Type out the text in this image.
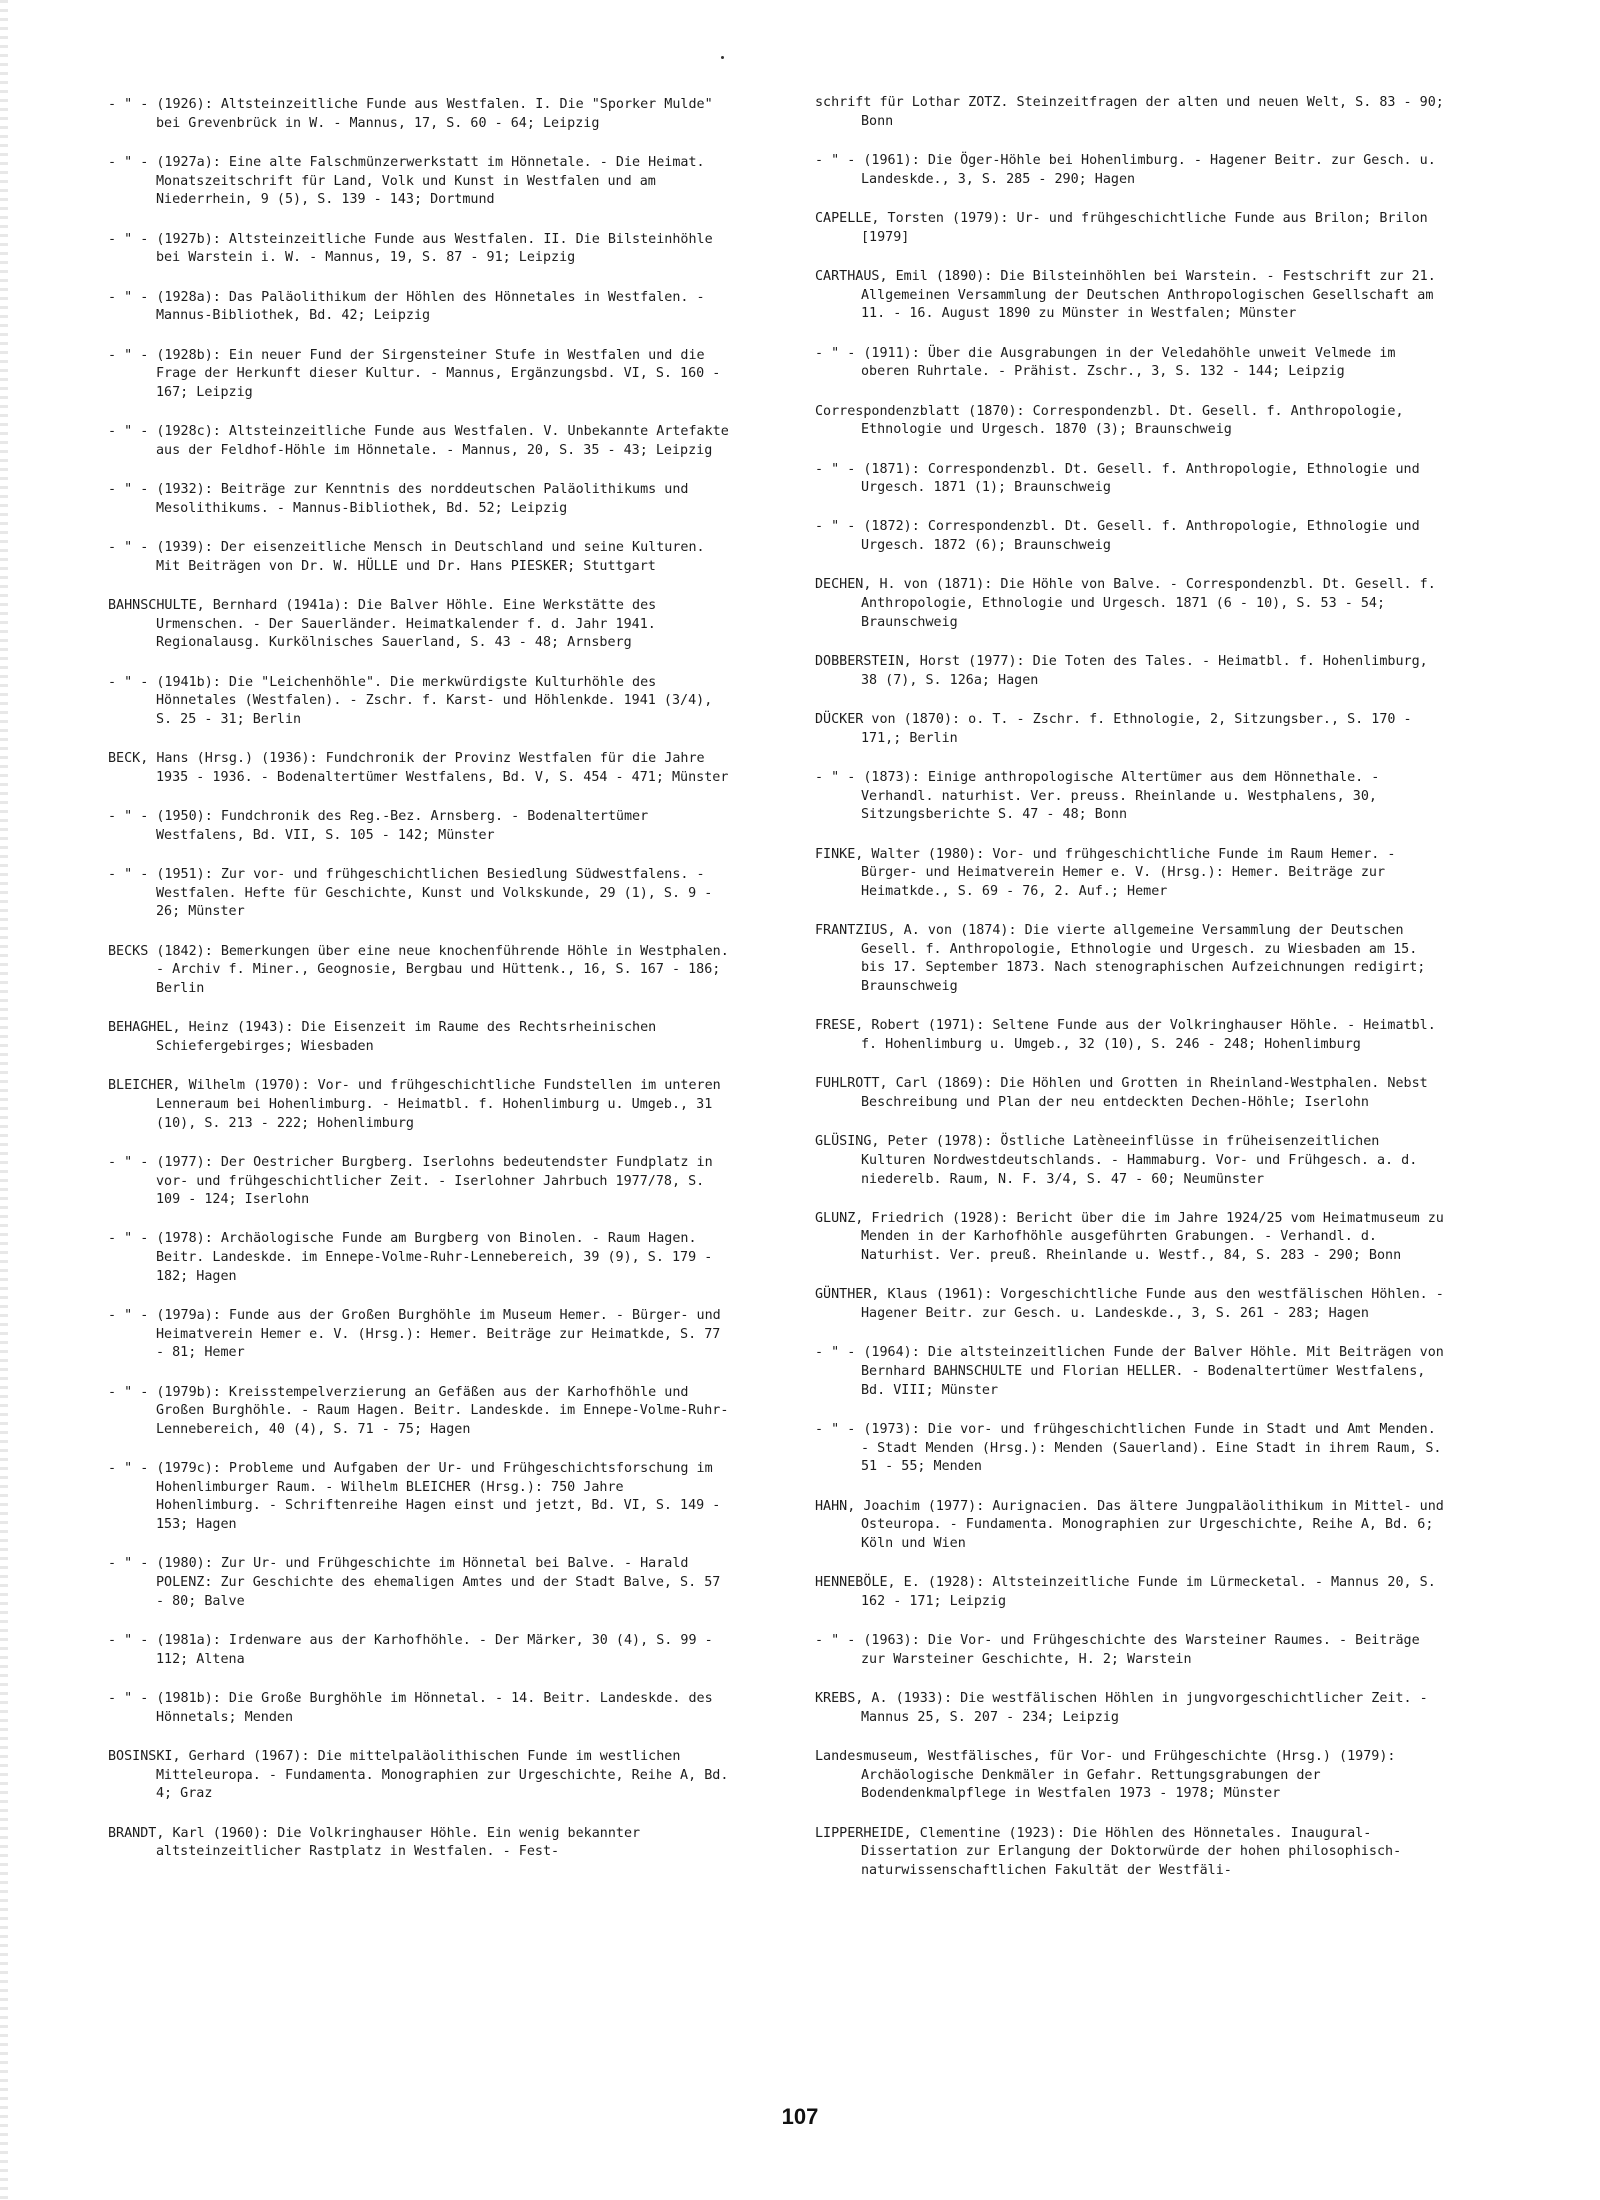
- " - (1926): Altsteinzeitliche Funde aus Westfalen. I. Die "Sporker Mulde" bei Grevenbrück in W. - Mannus, 17, S. 60 - 64; Leipzig

- " - (1927a): Eine alte Falschmünzerwerkstatt im Hönnetale. - Die Heimat. Monatszeitschrift für Land, Volk und Kunst in Westfalen und am Niederrhein, 9 (5), S. 139 - 143; Dortmund

- " - (1927b): Altsteinzeitliche Funde aus Westfalen. II. Die Bilsteinhöhle bei Warstein i. W. - Mannus, 19, S. 87 - 91; Leipzig

- " - (1928a): Das Paläolithikum der Höhlen des Hönnetales in Westfalen. - Mannus-Bibliothek, Bd. 42; Leipzig

- " - (1928b): Ein neuer Fund der Sirgensteiner Stufe in Westfalen und die Frage der Herkunft dieser Kultur. - Mannus, Ergänzungsbd. VI, S. 160 - 167; Leipzig

- " - (1928c): Altsteinzeitliche Funde aus Westfalen. V. Unbekannte Artefakte aus der Feldhof-Höhle im Hönnetale. - Mannus, 20, S. 35 - 43; Leipzig

- " - (1932): Beiträge zur Kenntnis des norddeutschen Paläolithikums und Mesolithikums. - Mannus-Bibliothek, Bd. 52; Leipzig

- " - (1939): Der eisenzeitliche Mensch in Deutschland und seine Kulturen. Mit Beiträgen von Dr. W. HÜLLE und Dr. Hans PIESKER; Stuttgart

BAHNSCHULTE, Bernhard (1941a): Die Balver Höhle. Eine Werkstätte des Urmenschen. - Der Sauerländer. Heimatkalender f. d. Jahr 1941. Regionalausg. Kurkölnisches Sauerland, S. 43 - 48; Arnsberg

- " - (1941b): Die "Leichenhöhle". Die merkwürdigste Kulturhöhle des Hönnetales (Westfalen). - Zschr. f. Karst- und Höhlenkde. 1941 (3/4), S. 25 - 31; Berlin

BECK, Hans (Hrsg.) (1936): Fundchronik der Provinz Westfalen für die Jahre 1935 - 1936. - Bodenaltertümer Westfalens, Bd. V, S. 454 - 471; Münster

- " - (1950): Fundchronik des Reg.-Bez. Arnsberg. - Bodenaltertümer Westfalens, Bd. VII, S. 105 - 142; Münster

- " - (1951): Zur vor- und frühgeschichtlichen Besiedlung Südwestfalens. - Westfalen. Hefte für Geschichte, Kunst und Volkskunde, 29 (1), S. 9 - 26; Münster

BECKS (1842): Bemerkungen über eine neue knochenführende Höhle in Westphalen. - Archiv f. Miner., Geognosie, Bergbau und Hüttenk., 16, S. 167 - 186; Berlin

BEHAGHEL, Heinz (1943): Die Eisenzeit im Raume des Rechtsrheinischen Schiefergebirges; Wiesbaden

BLEICHER, Wilhelm (1970): Vor- und frühgeschichtliche Fundstellen im unteren Lenneraum bei Hohenlimburg. - Heimatbl. f. Hohenlimburg u. Umgeb., 31 (10), S. 213 - 222; Hohenlimburg

- " - (1977): Der Oestricher Burgberg. Iserlohns bedeutendster Fundplatz in vor- und frühgeschichtlicher Zeit. - Iserlohner Jahrbuch 1977/78, S. 109 - 124; Iserlohn

- " - (1978): Archäologische Funde am Burgberg von Binolen. - Raum Hagen. Beitr. Landeskde. im Ennepe-Volme-Ruhr-Lennebereich, 39 (9), S. 179 - 182; Hagen

- " - (1979a): Funde aus der Großen Burghöhle im Museum Hemer. - Bürger- und Heimatverein Hemer e. V. (Hrsg.): Hemer. Beiträge zur Heimatkde, S. 77 - 81; Hemer

- " - (1979b): Kreisstempelverzierung an Gefäßen aus der Karhofhöhle und Großen Burghöhle. - Raum Hagen. Beitr. Landeskde. im Ennepe-Volme-Ruhr-Lennebereich, 40 (4), S. 71 - 75; Hagen

- " - (1979c): Probleme und Aufgaben der Ur- und Frühgeschichtsforschung im Hohenlimburger Raum. - Wilhelm BLEICHER (Hrsg.): 750 Jahre Hohenlimburg. - Schriftenreihe Hagen einst und jetzt, Bd. VI, S. 149 - 153; Hagen

- " - (1980): Zur Ur- und Frühgeschichte im Hönnetal bei Balve. - Harald POLENZ: Zur Geschichte des ehemaligen Amtes und der Stadt Balve, S. 57 - 80; Balve

- " - (1981a): Irdenware aus der Karhofhöhle. - Der Märker, 30 (4), S. 99 - 112; Altena

- " - (1981b): Die Große Burghöhle im Hönnetal. - 14. Beitr. Landeskde. des Hönnetals; Menden

BOSINSKI, Gerhard (1967): Die mittelpaläolithischen Funde im westlichen Mitteleuropa. - Fundamenta. Monographien zur Urgeschichte, Reihe A, Bd. 4; Graz

BRANDT, Karl (1960): Die Volkringhauser Höhle. Ein wenig bekannter altsteinzeitlicher Rastplatz in Westfalen. - Fest-

schrift für Lothar ZOTZ. Steinzeitfragen der alten und neuen Welt, S. 83 - 90; Bonn

- " - (1961): Die Öger-Höhle bei Hohenlimburg. - Hagener Beitr. zur Gesch. u. Landeskde., 3, S. 285 - 290; Hagen

CAPELLE, Torsten (1979): Ur- und frühgeschichtliche Funde aus Brilon; Brilon [1979]

CARTHAUS, Emil (1890): Die Bilsteinhöhlen bei Warstein. - Festschrift zur 21. Allgemeinen Versammlung der Deutschen Anthropologischen Gesellschaft am 11. - 16. August 1890 zu Münster in Westfalen; Münster

- " - (1911): Über die Ausgrabungen in der Veledahöhle unweit Velmede im oberen Ruhrtale. - Prähist. Zschr., 3, S. 132 - 144; Leipzig

Correspondenzblatt (1870): Correspondenzbl. Dt. Gesell. f. Anthropologie, Ethnologie und Urgesch. 1870 (3); Braunschweig

- " - (1871): Correspondenzbl. Dt. Gesell. f. Anthropologie, Ethnologie und Urgesch. 1871 (1); Braunschweig

- " - (1872): Correspondenzbl. Dt. Gesell. f. Anthropologie, Ethnologie und Urgesch. 1872 (6); Braunschweig

DECHEN, H. von (1871): Die Höhle von Balve. - Correspondenzbl. Dt. Gesell. f. Anthropologie, Ethnologie und Urgesch. 1871 (6 - 10), S. 53 - 54; Braunschweig

DOBBERSTEIN, Horst (1977): Die Toten des Tales. - Heimatbl. f. Hohenlimburg, 38 (7), S. 126a; Hagen

DÜCKER von (1870): o. T. - Zschr. f. Ethnologie, 2, Sitzungsber., S. 170 - 171,; Berlin

- " - (1873): Einige anthropologische Altertümer aus dem Hönnethale. - Verhandl. naturhist. Ver. preuss. Rheinlande u. Westphalens, 30, Sitzungsberichte S. 47 - 48; Bonn

FINKE, Walter (1980): Vor- und frühgeschichtliche Funde im Raum Hemer. - Bürger- und Heimatverein Hemer e. V. (Hrsg.): Hemer. Beiträge zur Heimatkde., S. 69 - 76, 2. Auf.; Hemer

FRANTZIUS, A. von (1874): Die vierte allgemeine Versammlung der Deutschen Gesell. f. Anthropologie, Ethnologie und Urgesch. zu Wiesbaden am 15. bis 17. September 1873. Nach stenographischen Aufzeichnungen redigirt; Braunschweig

FRESE, Robert (1971): Seltene Funde aus der Volkringhauser Höhle. - Heimatbl. f. Hohenlimburg u. Umgeb., 32 (10), S. 246 - 248; Hohenlimburg

FUHLROTT, Carl (1869): Die Höhlen und Grotten in Rheinland-Westphalen. Nebst Beschreibung und Plan der neu entdeckten Dechen-Höhle; Iserlohn

GLÜSING, Peter (1978): Östliche Latèneeinflüsse in früheisenzeitlichen Kulturen Nordwestdeutschlands. - Hammaburg. Vor- und Frühgesch. a. d. niederelb. Raum, N. F. 3/4, S. 47 - 60; Neumünster

GLUNZ, Friedrich (1928): Bericht über die im Jahre 1924/25 vom Heimatmuseum zu Menden in der Karhofhöhle ausgeführten Grabungen. - Verhandl. d. Naturhist. Ver. preuß. Rheinlande u. Westf., 84, S. 283 - 290; Bonn

GÜNTHER, Klaus (1961): Vorgeschichtliche Funde aus den westfälischen Höhlen. - Hagener Beitr. zur Gesch. u. Landeskde., 3, S. 261 - 283; Hagen

- " - (1964): Die altsteinzeitlichen Funde der Balver Höhle. Mit Beiträgen von Bernhard BAHNSCHULTE und Florian HELLER. - Bodenaltertümer Westfalens, Bd. VIII; Münster

- " - (1973): Die vor- und frühgeschichtlichen Funde in Stadt und Amt Menden. - Stadt Menden (Hrsg.): Menden (Sauerland). Eine Stadt in ihrem Raum, S. 51 - 55; Menden

HAHN, Joachim (1977): Aurignacien. Das ältere Jungpaläolithikum in Mittel- und Osteuropa. - Fundamenta. Monographien zur Urgeschichte, Reihe A, Bd. 6; Köln und Wien

HENNEBÖLE, E. (1928): Altsteinzeitliche Funde im Lürmecketal. - Mannus 20, S. 162 - 171; Leipzig

- " - (1963): Die Vor- und Frühgeschichte des Warsteiner Raumes. - Beiträge zur Warsteiner Geschichte, H. 2; Warstein

KREBS, A. (1933): Die westfälischen Höhlen in jungvorgeschichtlicher Zeit. - Mannus 25, S. 207 - 234; Leipzig

Landesmuseum, Westfälisches, für Vor- und Frühgeschichte (Hrsg.) (1979): Archäologische Denkmäler in Gefahr. Rettungsgrabungen der Bodendenkmalpflege in Westfalen 1973 - 1978; Münster

LIPPERHEIDE, Clementine (1923): Die Höhlen des Hönnetales. Inaugural-Dissertation zur Erlangung der Doktorwürde der hohen philosophisch-naturwissenschaftlichen Fakultät der Westfäli-

107
